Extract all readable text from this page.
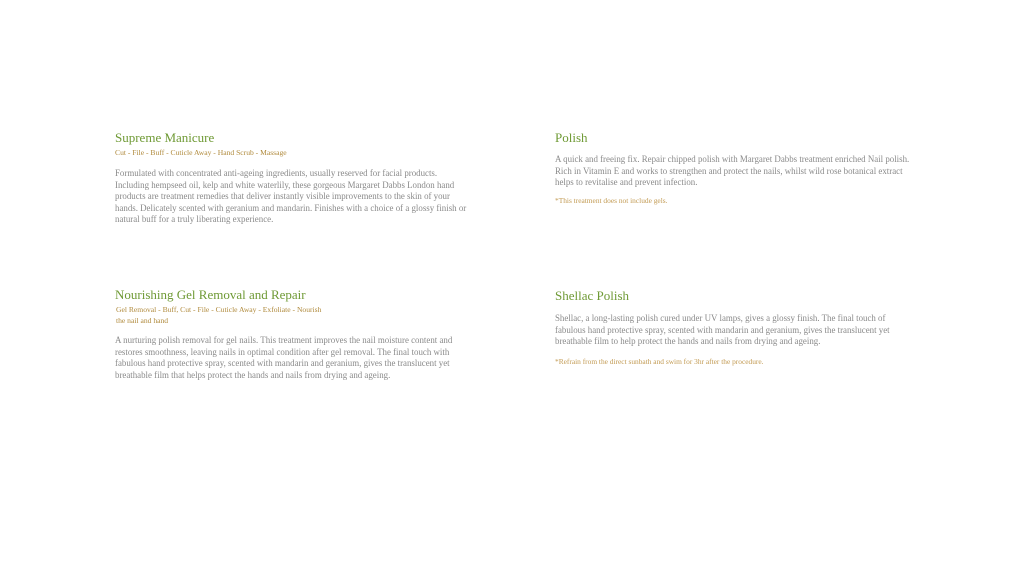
Supreme Manicure

Cut - File - Buff - Cuticle Away - Hand Scrub - Massage

Formulated with concentrated anti-ageing ingredients, usually reserved for facial products. Including hempseed oil, kelp and white waterlily, these gorgeous Margaret Dabbs London hand products are treatment remedies that deliver instantly visible improvements to the skin of your hands. Delicately scented with geranium and mandarin. Finishes with a choice of a glossy finish or natural buff for a truly liberating experience.

Polish

A quick and freeing fix. Repair chipped polish with Margaret Dabbs treatment enriched Nail polish. Rich in Vitamin E and works to strengthen and protect the nails, whilst wild rose botanical extract helps to revitalise and prevent infection.

*This treatment does not include gels.

Nourishing Gel Removal and Repair

Gel Removal - Buff, Cut - File - Cuticle Away - Exfoliate - Nourish the nail and hand

A nurturing polish removal for gel nails. This treatment improves the nail moisture content and restores smoothness, leaving nails in optimal condition after gel removal. The final touch with fabulous hand protective spray, scented with mandarin and geranium, gives the translucent yet breathable film that helps protect the hands and nails from drying and ageing.

Shellac Polish

Shellac, a long-lasting polish cured under UV lamps, gives a glossy finish. The final touch of fabulous hand protective spray, scented with mandarin and geranium, gives the translucent yet breathable film to help protect the hands and nails from drying and ageing.

*Refrain from the direct sunbath and swim for 3hr after the procedure.
